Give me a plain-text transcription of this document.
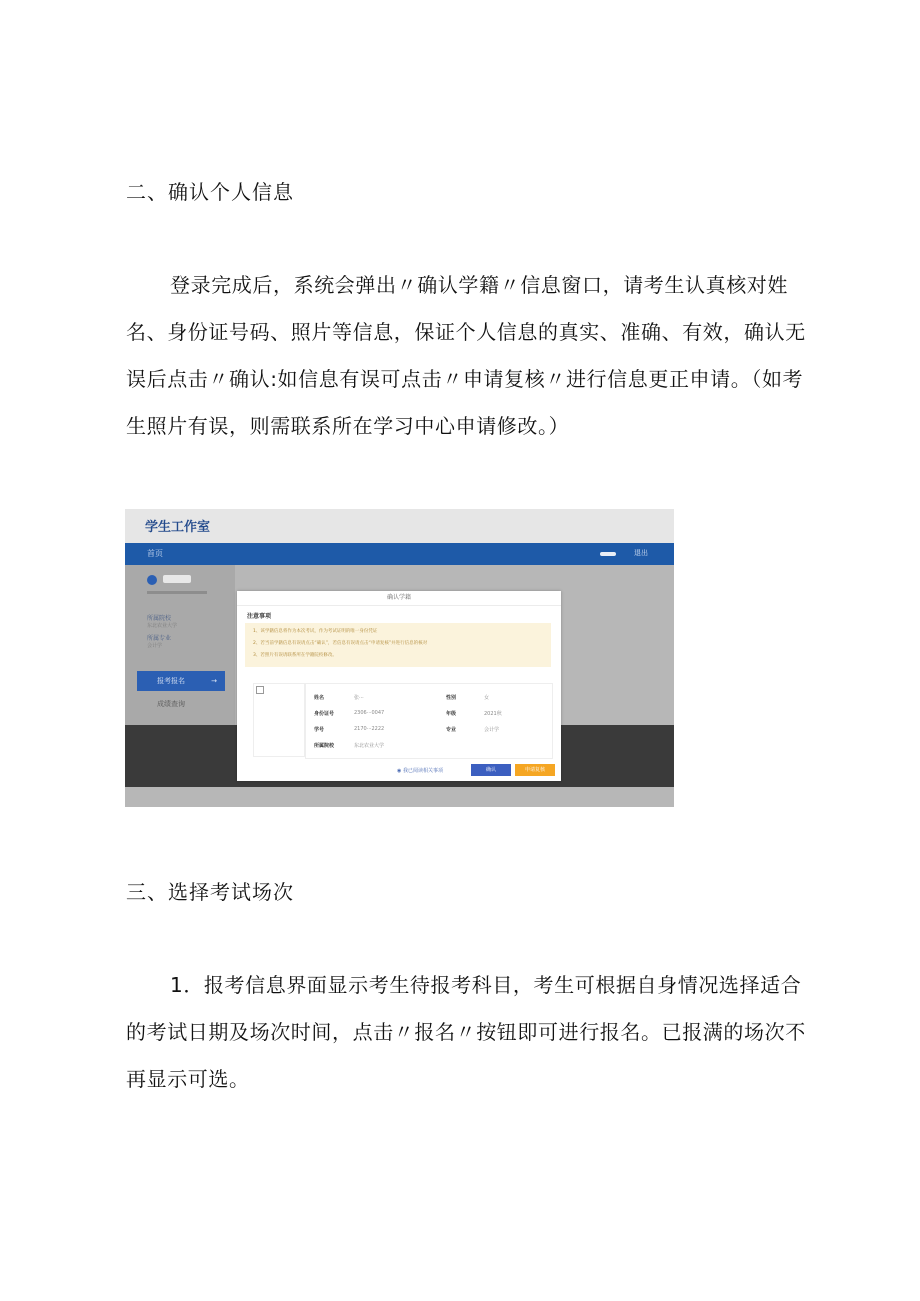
二、确认个人信息
登录完成后，系统会弹出〃确认学籍〃信息窗口，请考生认真核对姓名、身份证号码、照片等信息，保证个人信息的真实、准确、有效，确认无误后点击〃确认:如信息有误可点击〃申请复核〃进行信息更正申请。（如考生照片有误，则需联系所在学习中心申请修改。）
学生工作室
首页	退出
所属院校
东北农业大学
所属专业
会计学
报考报名	→
成绩查询
确认学籍
注意事项
1、该学籍信息将作为本次考试，作为考试证明的唯一身份凭证
2、若当前学籍信息有误请点击“确认”，若信息有误请点击“申请复核”并进行信息的核对
3、若照片有误请联系所在学籍院校修改。
姓名	张···	性别	女
身份证号	2306···0047	年级	2021秋
学号	2170···2222	专业	会计学
所属院校	东北农业大学
◉ 我已阅读相关事项	确认	申请复核
三、选择考试场次
1．报考信息界面显示考生待报考科目，考生可根据自身情况选择适合的考试日期及场次时间，点击〃报名〃按钮即可进行报名。已报满的场次不再显示可选。
